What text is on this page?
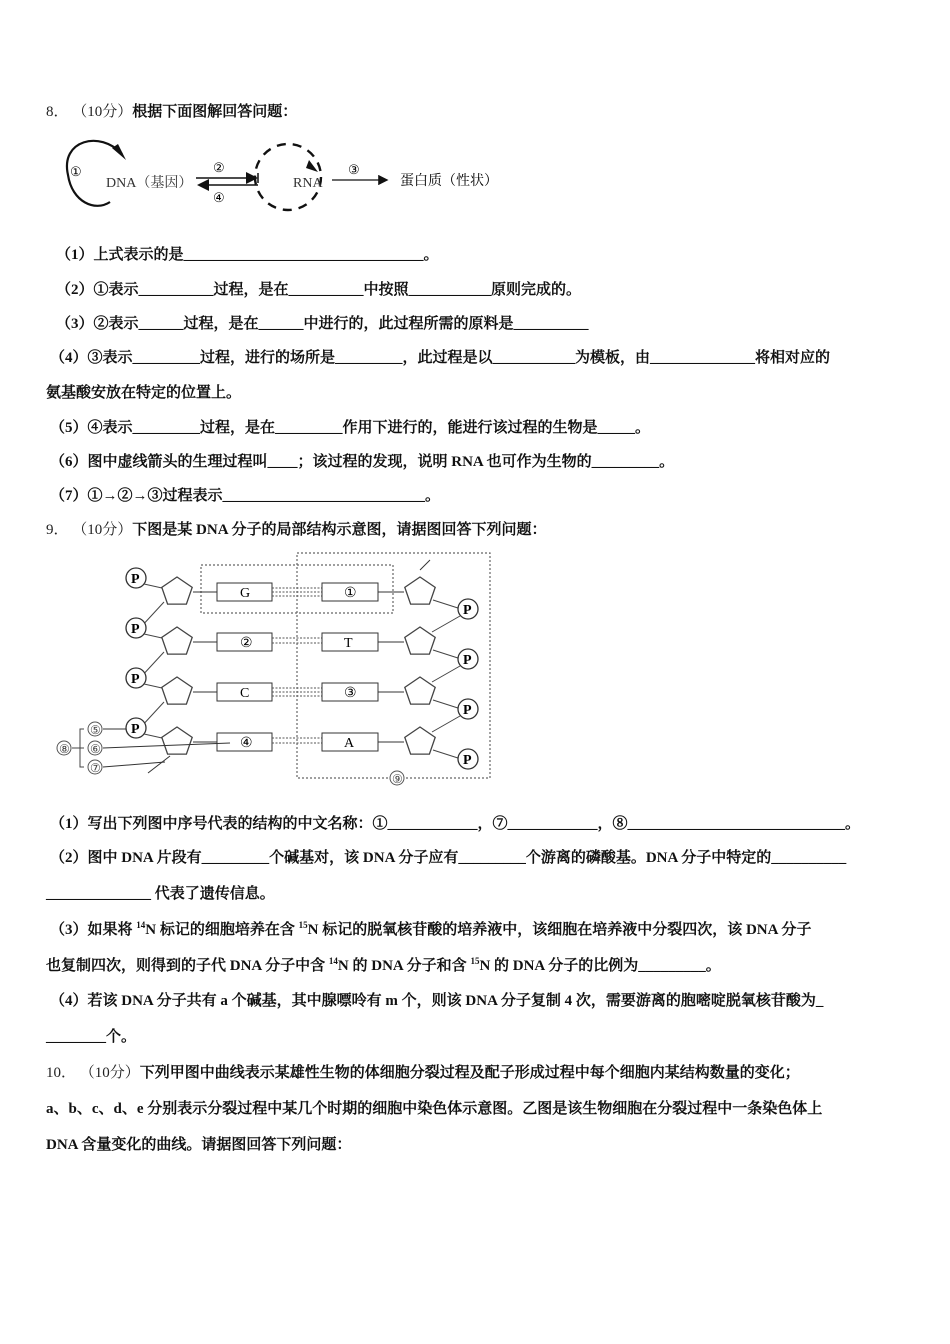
8． （10分）根据下面图解回答问题：
①
DNA（基因）
②
④
RNA
③
蛋白质（性状）
（1）上式表示的是________________________________。
（2）①表示__________过程，是在__________中按照___________原则完成的。
（3）②表示______过程，是在______中进行的，此过程所需的原料是__________
（4）③表示_________过程，进行的场所是_________，此过程是以___________为模板，由______________将相对应的
氨基酸安放在特定的位置上。
（5）④表示_________过程，是在_________作用下进行的，能进行该过程的生物是_____。
（6）图中虚线箭头的生理过程叫____；该过程的发现，说明 RNA 也可作为生物的_________。
（7）①→②→③过程表示___________________________。
9． （10分）下图是某 DNA 分子的局部结构示意图，请据图回答下列问题：
P
G	①
P
P
②	T
P
P
C	③
P
P
④	A
P
⑤
⑥
⑦
⑧
⑨
（1）写出下列图中序号代表的结构的中文名称：①____________，⑦____________，⑧_____________________________。
（2）图中 DNA 片段有_________个碱基对，该 DNA 分子应有_________个游离的磷酸基。DNA 分子中特定的__________
______________ 代表了遗传信息。
（3）如果将 $^{14}$N 标记的细胞培养在含 $^{15}$N 标记的脱氧核苷酸的培养液中，该细胞在培养液中分裂四次，该 DNA 分子
也复制四次，则得到的子代 DNA 分子中含 $^{14}$N 的 DNA 分子和含 $^{15}$N 的 DNA 分子的比例为_________。
（4）若该 DNA 分子共有 a 个碱基，其中腺嘌呤有 m 个，则该 DNA 分子复制 4 次，需要游离的胞嘧啶脱氧核苷酸为_
________个。
10． （10分）下列甲图中曲线表示某雄性生物的体细胞分裂过程及配子形成过程中每个细胞内某结构数量的变化；
a、b、c、d、e 分别表示分裂过程中某几个时期的细胞中染色体示意图。乙图是该生物细胞在分裂过程中一条染色体上
DNA 含量变化的曲线。请据图回答下列问题：
